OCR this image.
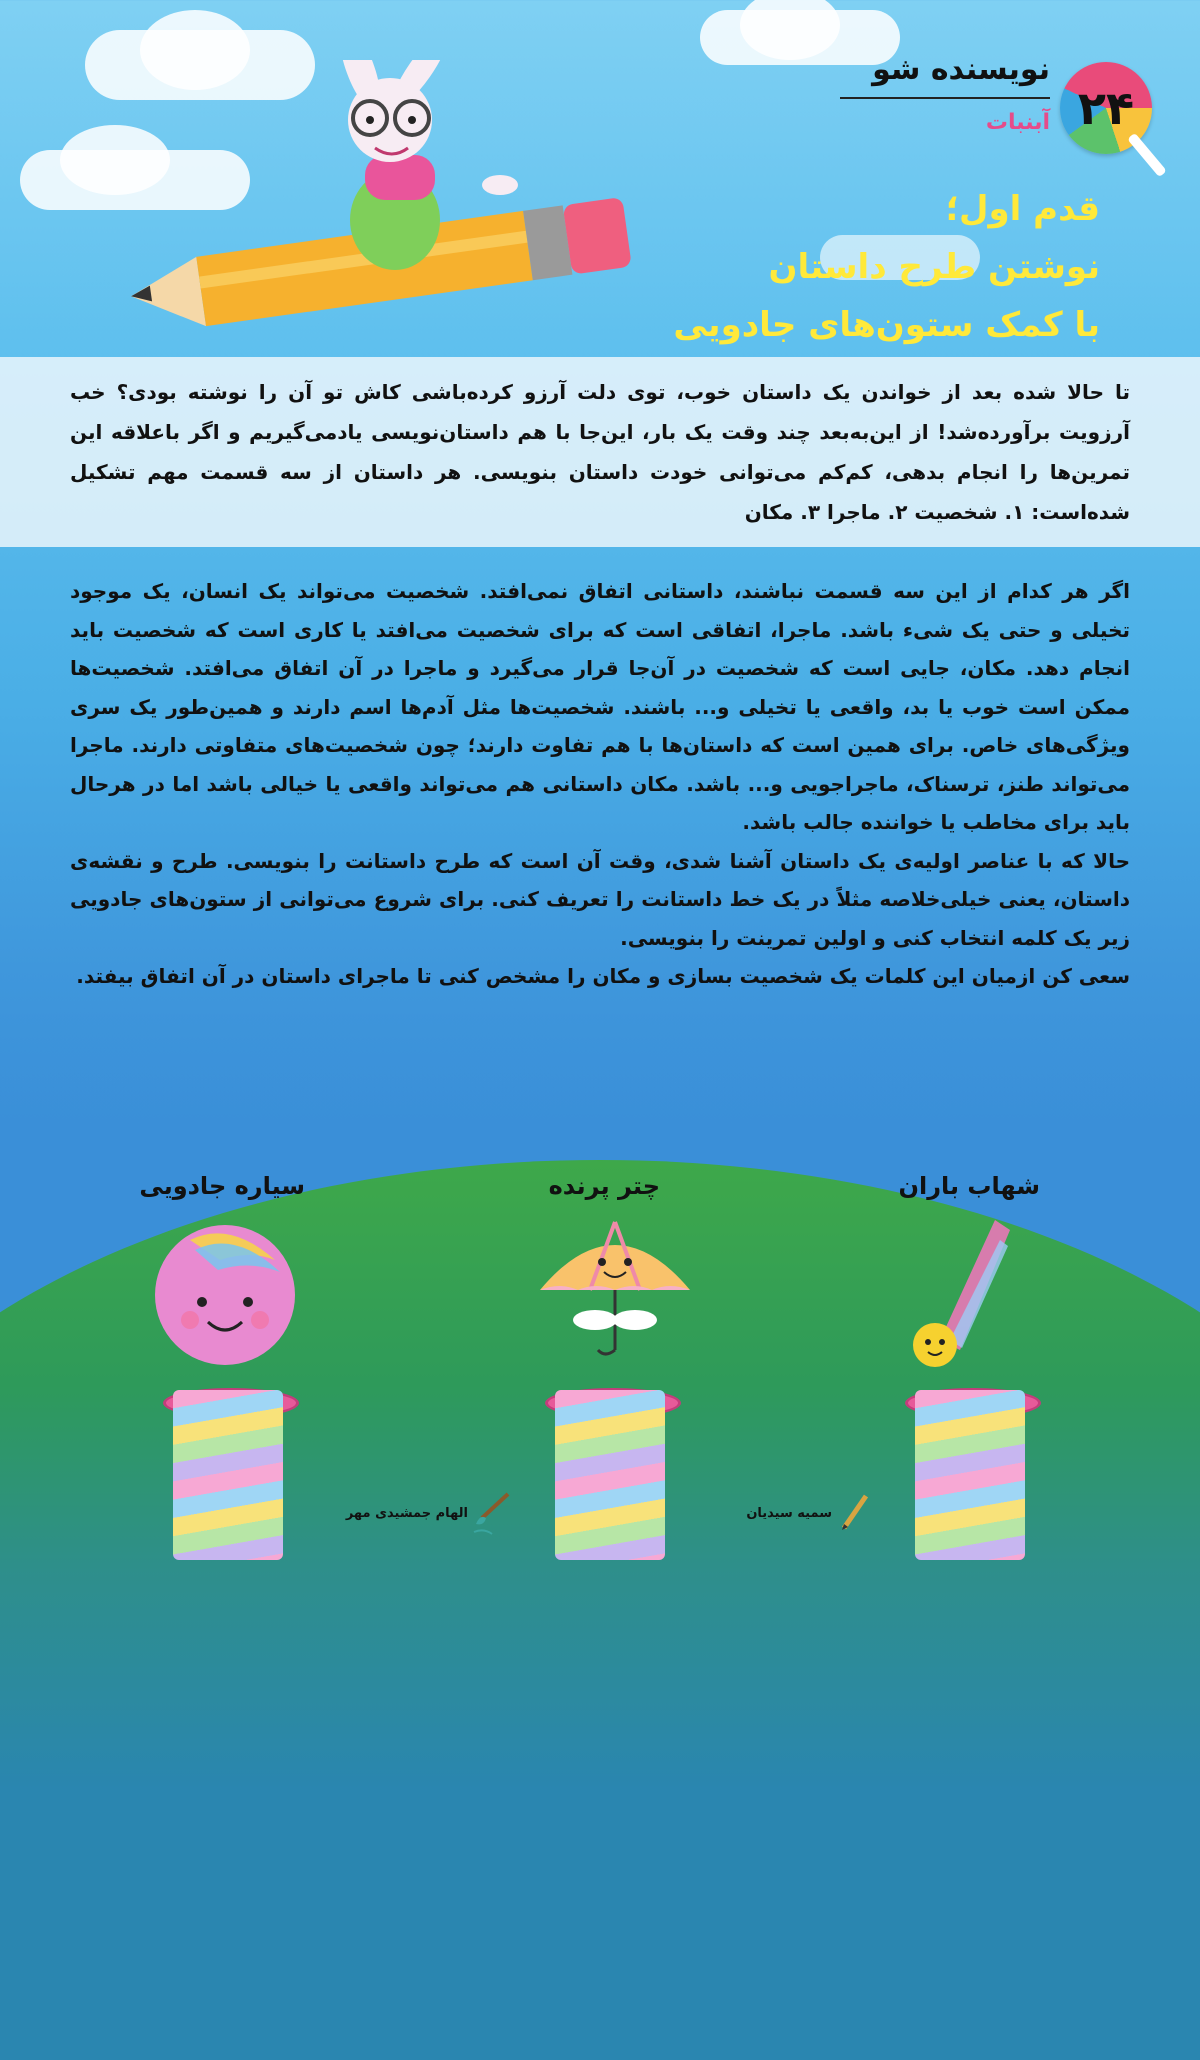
۲۴
نویسنده شو
آبنبات
قدم اول؛
نوشتن طرح داستان
با کمک ستون‌های جادویی
تا حالا شده بعد از خواندن یک داستان خوب، توی دلت آرزو کرده‌باشی کاش تو آن را نوشته بودی؟ خب آرزویت برآورده‌شد! از این‌به‌بعد چند وقت یک بار، این‌جا با هم داستان‌نویسی یادمی‌گیریم و اگر باعلاقه این تمرین‌ها را انجام بدهی، کم‌کم می‌توانی خودت داستان بنویسی. هر داستان از سه قسمت مهم تشکیل شده‌است: ۱. شخصیت ۲. ماجرا ۳. مکان

اگر هر کدام از این سه قسمت نباشند، داستانی اتفاق نمی‌افتد. شخصیت می‌تواند یک انسان، یک موجود تخیلی و حتی یک شیء باشد. ماجرا، اتفاقی است که برای شخصیت می‌افتد یا کاری است که شخصیت باید انجام دهد. مکان، جایی است که شخصیت در آن‌جا قرار می‌گیرد و ماجرا در آن اتفاق می‌افتد. شخصیت‌ها ممکن است خوب یا بد، واقعی یا تخیلی و... باشند. شخصیت‌ها مثل آدم‌ها اسم دارند و همین‌طور یک سری ویژگی‌های خاص. برای همین است که داستان‌ها با هم تفاوت دارند؛ چون شخصیت‌های متفاوتی دارند. ماجرا می‌تواند طنز، ترسناک، ماجراجویی و... باشد. مکان داستانی هم می‌تواند واقعی یا خیالی باشد اما در هرحال باید برای مخاطب یا خواننده جالب باشد.

حالا که با عناصر اولیه‌ی یک داستان آشنا شدی، وقت آن است که طرح داستانت را بنویسی. طرح و نقشه‌ی داستان، یعنی خیلی‌خلاصه مثلاً در یک خط داستانت را تعریف کنی. برای شروع می‌توانی از ستون‌های جادویی زیر یک کلمه انتخاب کنی و اولین تمرینت را بنویسی.

سعی کن ازمیان این کلمات یک شخصیت بسازی و مکان را مشخص کنی تا ماجرای داستان در آن اتفاق بیفتد.

شهاب باران
چتر پرنده
سیاره جادویی
سمیه سیدیان
الهام جمشیدی مهر
